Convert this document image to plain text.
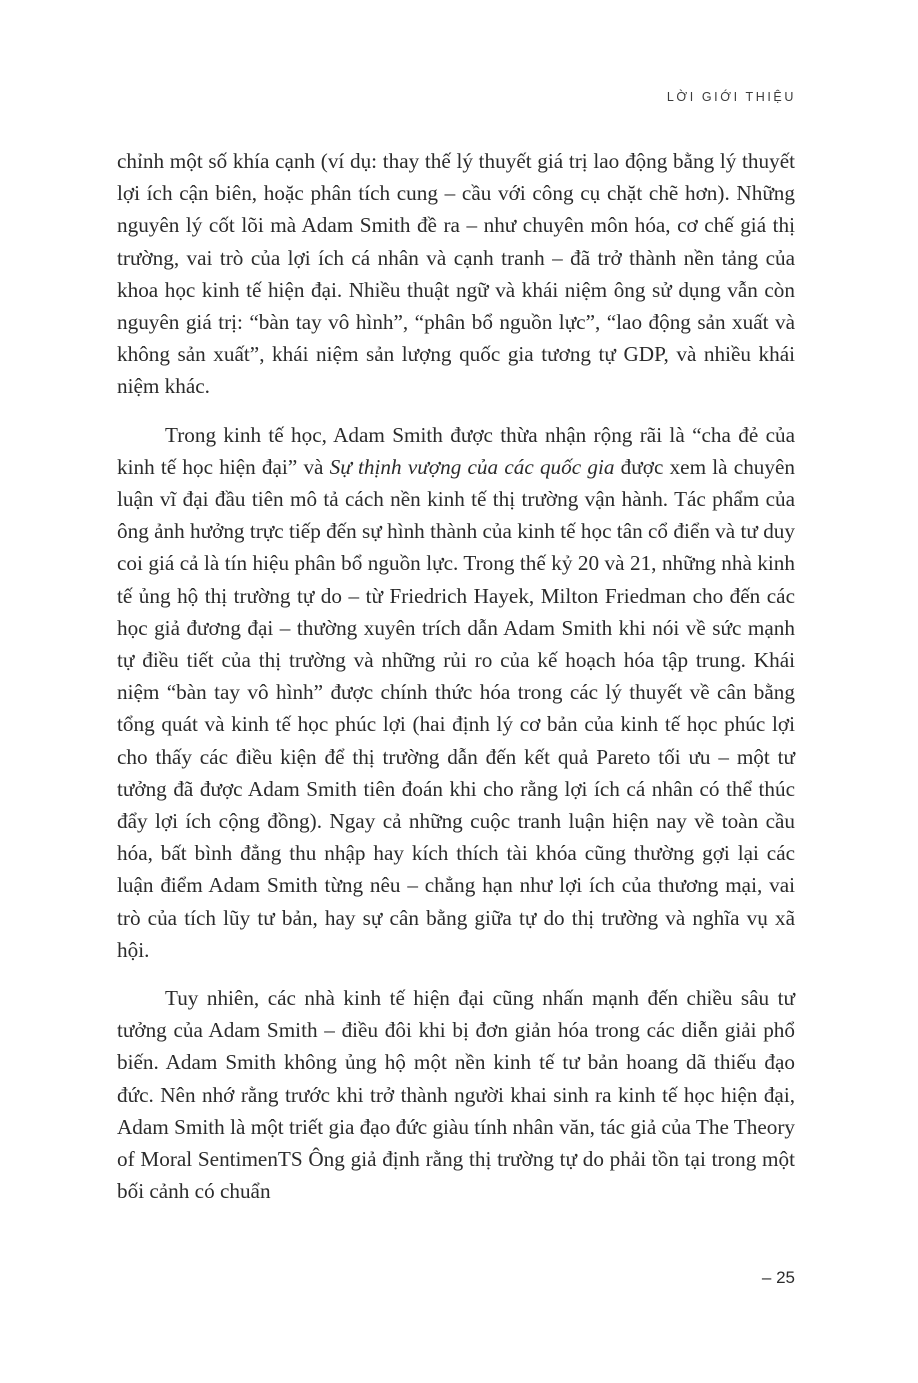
LỜI GIỚI THIỆU

chỉnh một số khía cạnh (ví dụ: thay thế lý thuyết giá trị lao động bằng lý thuyết lợi ích cận biên, hoặc phân tích cung – cầu với công cụ chặt chẽ hơn). Những nguyên lý cốt lõi mà Adam Smith đề ra – như chuyên môn hóa, cơ chế giá thị trường, vai trò của lợi ích cá nhân và cạnh tranh – đã trở thành nền tảng của khoa học kinh tế hiện đại. Nhiều thuật ngữ và khái niệm ông sử dụng vẫn còn nguyên giá trị: “bàn tay vô hình”, “phân bổ nguồn lực”, “lao động sản xuất và không sản xuất”, khái niệm sản lượng quốc gia tương tự GDP, và nhiều khái niệm khác.

Trong kinh tế học, Adam Smith được thừa nhận rộng rãi là “cha đẻ của kinh tế học hiện đại” và Sự thịnh vượng của các quốc gia được xem là chuyên luận vĩ đại đầu tiên mô tả cách nền kinh tế thị trường vận hành. Tác phẩm của ông ảnh hưởng trực tiếp đến sự hình thành của kinh tế học tân cổ điển và tư duy coi giá cả là tín hiệu phân bổ nguồn lực. Trong thế kỷ 20 và 21, những nhà kinh tế ủng hộ thị trường tự do – từ Friedrich Hayek, Milton Friedman cho đến các học giả đương đại – thường xuyên trích dẫn Adam Smith khi nói về sức mạnh tự điều tiết của thị trường và những rủi ro của kế hoạch hóa tập trung. Khái niệm “bàn tay vô hình” được chính thức hóa trong các lý thuyết về cân bằng tổng quát và kinh tế học phúc lợi (hai định lý cơ bản của kinh tế học phúc lợi cho thấy các điều kiện để thị trường dẫn đến kết quả Pareto tối ưu – một tư tưởng đã được Adam Smith tiên đoán khi cho rằng lợi ích cá nhân có thể thúc đẩy lợi ích cộng đồng). Ngay cả những cuộc tranh luận hiện nay về toàn cầu hóa, bất bình đẳng thu nhập hay kích thích tài khóa cũng thường gợi lại các luận điểm Adam Smith từng nêu – chẳng hạn như lợi ích của thương mại, vai trò của tích lũy tư bản, hay sự cân bằng giữa tự do thị trường và nghĩa vụ xã hội.

Tuy nhiên, các nhà kinh tế hiện đại cũng nhấn mạnh đến chiều sâu tư tưởng của Adam Smith – điều đôi khi bị đơn giản hóa trong các diễn giải phổ biến. Adam Smith không ủng hộ một nền kinh tế tư bản hoang dã thiếu đạo đức. Nên nhớ rằng trước khi trở thành người khai sinh ra kinh tế học hiện đại, Adam Smith là một triết gia đạo đức giàu tính nhân văn, tác giả của The Theory of Moral SentimenTS Ông giả định rằng thị trường tự do phải tồn tại trong một bối cảnh có chuẩn

– 25
